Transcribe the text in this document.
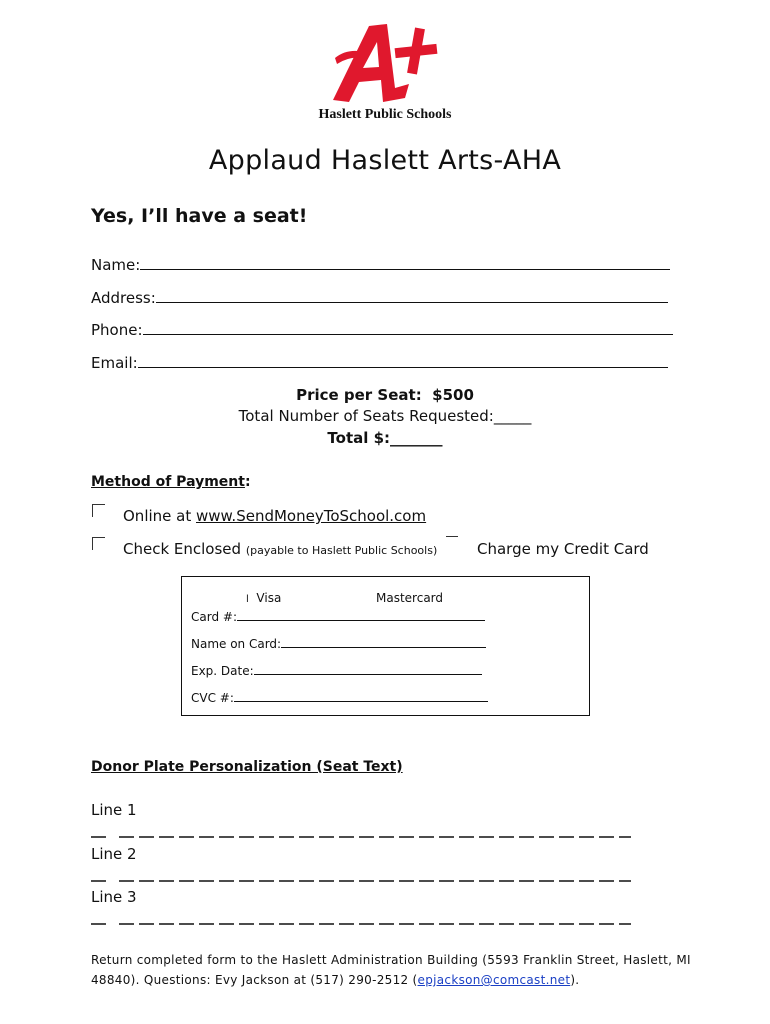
Haslett Public Schools
Applaud Haslett Arts-AHA
Yes, I’ll have a seat!
Name:
Address:
Phone:
Email:
Price per Seat: $500
Total Number of Seats Requested:_____
Total $:_______
Method of Payment:
Online at www.SendMoneyToSchool.com
Check Enclosed (payable to Haslett Public Schools)	Charge my Credit Card
l Visa	Mastercard
Card #:
Name on Card:
Exp. Date:
CVC #:
Donor Plate Personalization (Seat Text)
Line 1
Line 2
Line 3
Return completed form to the Haslett Administration Building (5593 Franklin Street, Haslett, MI
48840). Questions: Evy Jackson at (517) 290-2512 (epjackson@comcast.net).
